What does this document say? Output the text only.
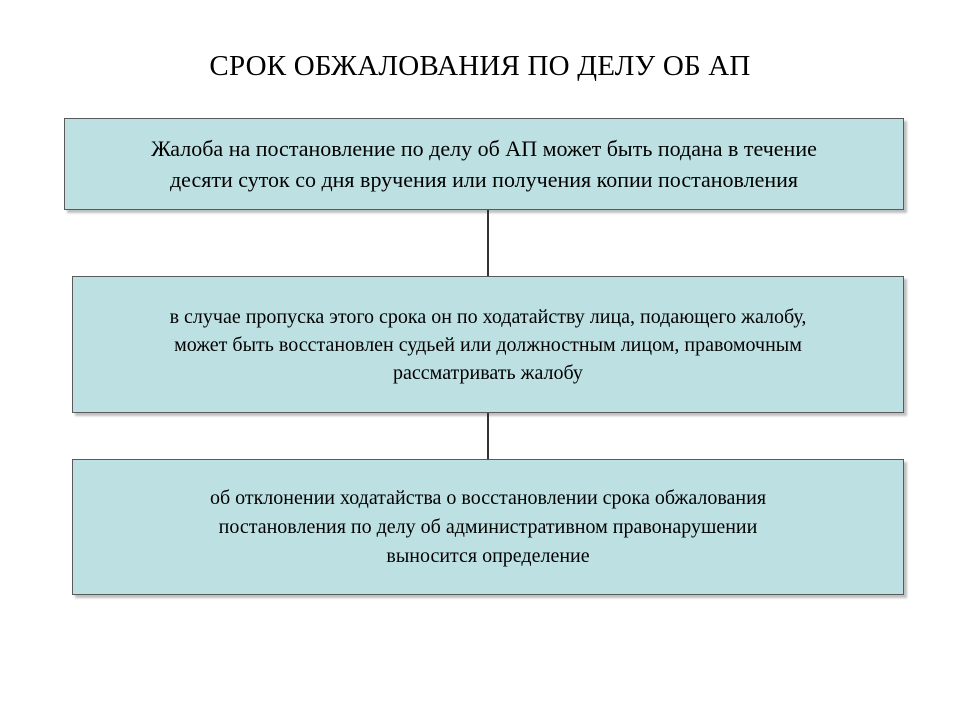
СРОК ОБЖАЛОВАНИЯ ПО ДЕЛУ ОБ АП
Жалоба на постановление по делу об АП может быть подана в течение
десяти суток со дня вручения или получения копии постановления
в случае пропуска этого срока он по ходатайству лица, подающего жалобу,
может быть восстановлен судьей или должностным лицом, правомочным
рассматривать жалобу
об отклонении ходатайства о восстановлении срока обжалования
постановления по делу об административном правонарушении
выносится определение
